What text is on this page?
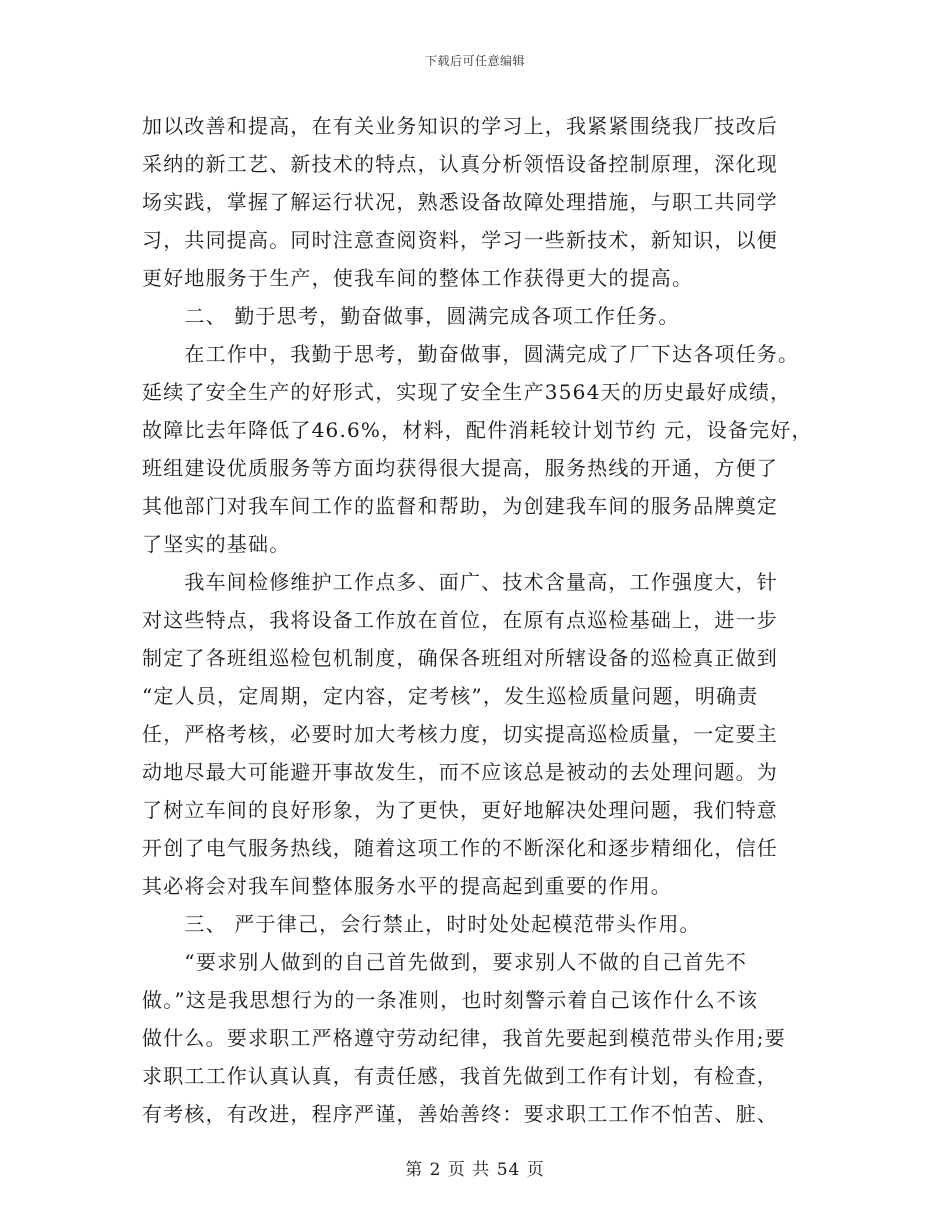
下载后可任意编辑
加以改善和提高，在有关业务知识的学习上，我紧紧围绕我厂技改后
采纳的新工艺、新技术的特点，认真分析领悟设备控制原理，深化现
场实践，掌握了解运行状况，熟悉设备故障处理措施，与职工共同学
习，共同提高。同时注意查阅资料，学习一些新技术，新知识，以便
更好地服务于生产，使我车间的整体工作获得更大的提高。
　　二、 勤于思考，勤奋做事，圆满完成各项工作任务。
　　在工作中，我勤于思考，勤奋做事，圆满完成了厂下达各项任务。
延续了安全生产的好形式，实现了安全生产3564天的历史最好成绩，
故障比去年降低了46.6%，材料，配件消耗较计划节约 元，设备完好，
班组建设优质服务等方面均获得很大提高，服务热线的开通，方便了
其他部门对我车间工作的监督和帮助，为创建我车间的服务品牌奠定
了坚实的基础。
　　我车间检修维护工作点多、面广、技术含量高，工作强度大，针
对这些特点，我将设备工作放在首位，在原有点巡检基础上，进一步
制定了各班组巡检包机制度，确保各班组对所辖设备的巡检真正做到
“定人员，定周期，定内容，定考核”，发生巡检质量问题，明确责
任，严格考核，必要时加大考核力度，切实提高巡检质量，一定要主
动地尽最大可能避开事故发生，而不应该总是被动的去处理问题。为
了树立车间的良好形象，为了更快，更好地解决处理问题，我们特意
开创了电气服务热线，随着这项工作的不断深化和逐步精细化，信任
其必将会对我车间整体服务水平的提高起到重要的作用。
　　三、 严于律己，会行禁止，时时处处起模范带头作用。
　　“要求别人做到的自己首先做到，要求别人不做的自己首先不
做。”这是我思想行为的一条准则，也时刻警示着自己该作什么不该
做什么。要求职工严格遵守劳动纪律，我首先要起到模范带头作用;要
求职工工作认真认真，有责任感，我首先做到工作有计划，有检查，
有考核，有改进，程序严谨，善始善终：要求职工工作不怕苦、脏、
第 2 页 共 54 页
